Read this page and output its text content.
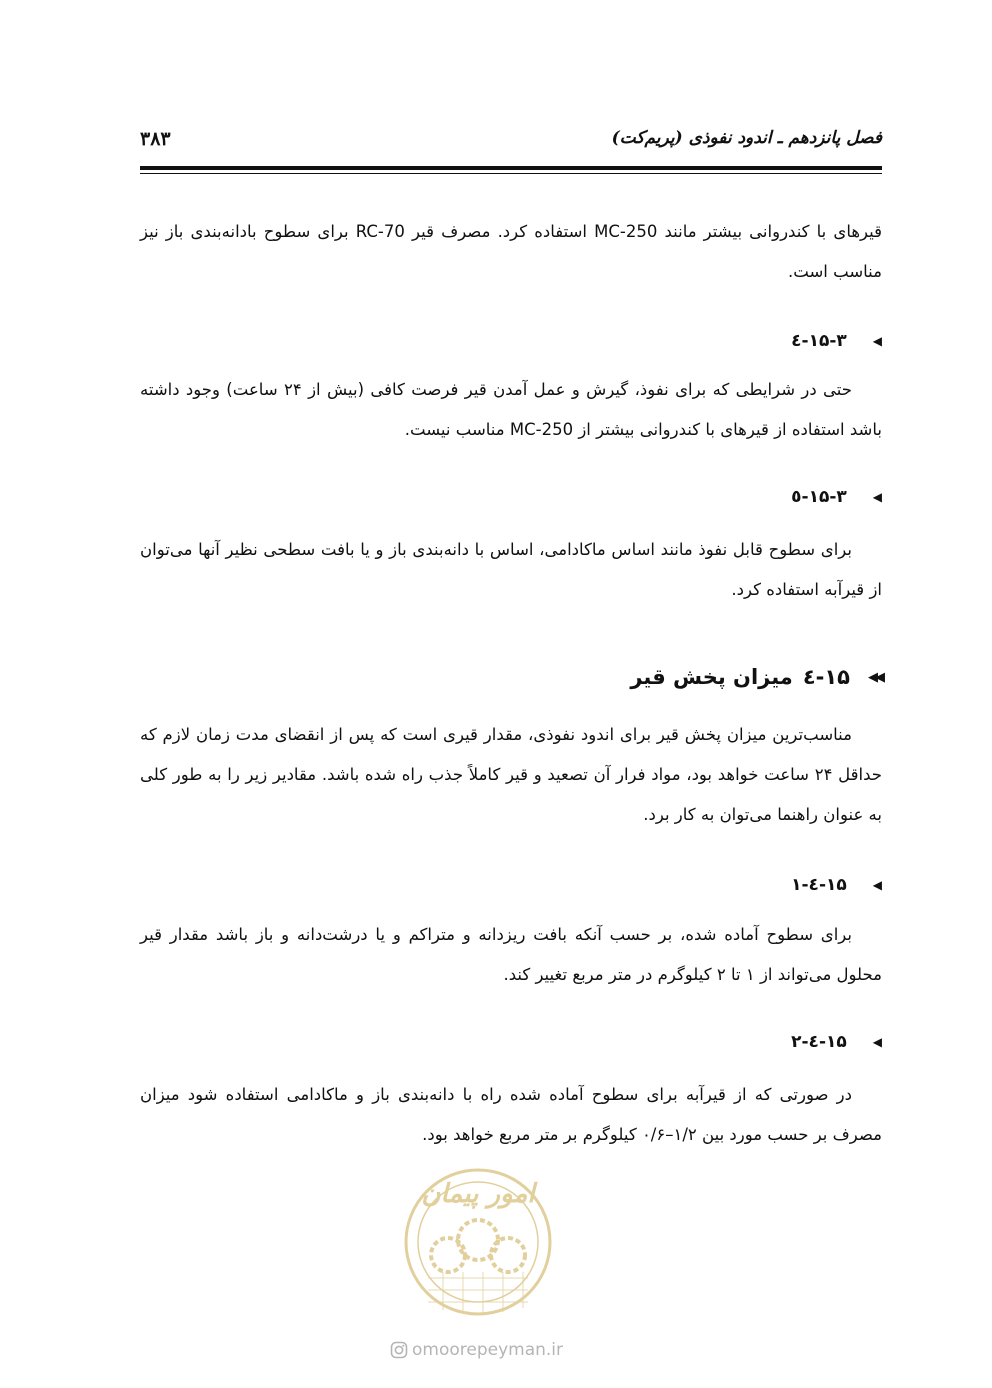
فصل پانزدهم ـ اندود نفوذی (پریم‌کت)
۳۸۳
قیرهای با کندروانی بیشتر مانند MC-250 استفاده کرد. مصرف قیر RC-70 برای سطوح بادانه‌بندی باز نیز مناسب است.
◀
۱۵-۳-٤
حتی در شرایطی که برای نفوذ، گیرش و عمل آمدن قیر فرصت کافی (بیش از ۲۴ ساعت) وجود داشته باشد استفاده از قیرهای با کندروانی بیشتر از MC-250 مناسب نیست.
◀
۱۵-۳-٥
برای سطوح قابل نفوذ مانند اساس ماکادامی، اساس با دانه‌بندی باز و یا بافت سطحی نظیر آنها می‌توان از قیرآبه استفاده کرد.
◀◀
۱۵-٤
میزان پخش قیر
مناسب‌ترین میزان پخش قیر برای اندود نفوذی، مقدار قیری است که پس از انقضای مدت زمان لازم که حداقل ۲۴ ساعت خواهد بود، مواد فرار آن تصعید و قیر کاملاً جذب راه شده باشد. مقادیر زیر را به طور کلی به عنوان راهنما می‌توان به کار برد.
◀
۱۵-٤-۱
برای سطوح آماده شده، بر حسب آنکه بافت ریزدانه و متراکم و یا درشت‌دانه و باز باشد مقدار قیر محلول می‌تواند از ۱ تا ۲ کیلوگرم در متر مربع تغییر کند.
◀
۱۵-٤-۲
در صورتی که از قیرآبه برای سطوح آماده شده راه با دانه‌بندی باز و ماکادامی استفاده شود میزان مصرف بر حسب مورد بین ۱/۲–۰/۶ کیلوگرم بر متر مربع خواهد بود.
امور پیمان
omoorepeyman.ir
